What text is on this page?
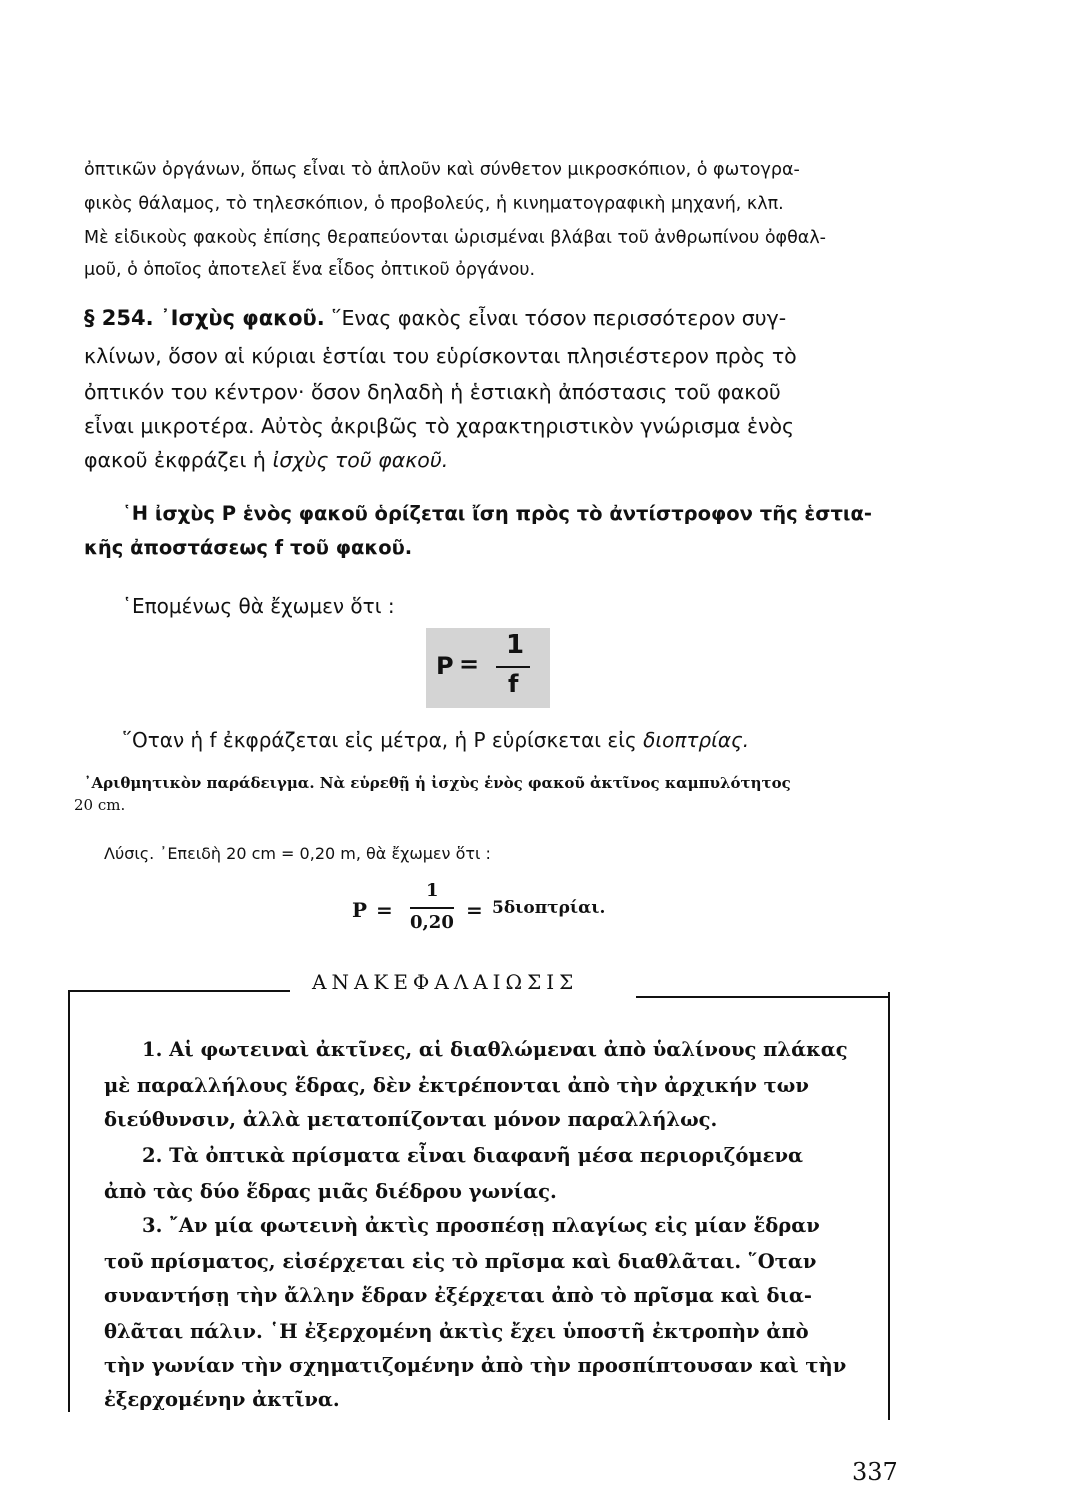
ὀπτικῶν ὀργάνων, ὅπως εἶναι τὸ ἁπλοῦν καὶ σύνθετον μικροσκόπιον, ὁ φωτογρα-
φικὸς θάλαμος, τὸ τηλεσκόπιον, ὁ προβολεύς, ἡ κινηματογραφικὴ μηχανή, κλπ.
Μὲ εἰδικοὺς φακοὺς ἐπίσης θεραπεύονται ὡρισμέναι βλάβαι τοῦ ἀνθρωπίνου ὀφθαλ-
μοῦ, ὁ ὁποῖος ἀποτελεῖ ἕνα εἶδος ὀπτικοῦ ὀργάνου.
§ 254. ᾿Ισχὺς φακοῦ. ῞Ενας φακὸς εἶναι τόσον περισσότερον συγ-
κλίνων, ὅσον αἱ κύριαι ἑστίαι του εὑρίσκονται πλησιέστερον πρὸς τὸ
ὀπτικόν του κέντρον· ὅσον δηλαδὴ ἡ ἑστιακὴ ἀπόστασις τοῦ φακοῦ
εἶναι μικροτέρα. Αὐτὸς ἀκριβῶς τὸ χαρακτηριστικὸν γνώρισμα ἑνὸς
φακοῦ ἐκφράζει ἡ ἰσχὺς τοῦ φακοῦ.
῾Η ἰσχὺς P ἑνὸς φακοῦ ὁρίζεται ἴση πρὸς τὸ ἀντίστροφον τῆς ἑστια-
κῆς ἀποστάσεως f τοῦ φακοῦ.
῾Επομένως θὰ ἔχωμεν ὅτι :
P =
1
f
῞Οταν ἡ f ἐκφράζεται εἰς μέτρα, ἡ P εὑρίσκεται εἰς διοπτρίας.
᾿Αριθμητικὸν παράδειγμα. Νὰ εὑρεθῇ ἡ ἰσχὺς ἑνὸς φακοῦ ἀκτῖνος καμπυλότητος
20 cm.
Λύσις. ᾿Επειδὴ 20 cm = 0,20 m, θὰ ἔχωμεν ὅτι :
P =
1
0,20
= 5διοπτρίαι.
ΑΝΑΚΕΦΑΛΑΙΩΣΙΣ
1. Αἱ φωτειναὶ ἀκτῖνες, αἱ διαθλώμεναι ἀπὸ ὑαλίνους πλάκας
μὲ παραλλήλους ἕδρας, δὲν ἐκτρέπονται ἀπὸ τὴν ἀρχικήν των
διεύθυνσιν, ἀλλὰ μετατοπίζονται μόνον παραλλήλως.
2. Τὰ ὀπτικὰ πρίσματα εἶναι διαφανῆ μέσα περιοριζόμενα
ἀπὸ τὰς δύο ἕδρας μιᾶς διέδρου γωνίας.
3. ῎Αν μία φωτεινὴ ἀκτὶς προσπέσῃ πλαγίως εἰς μίαν ἕδραν
τοῦ πρίσματος, εἰσέρχεται εἰς τὸ πρῖσμα καὶ διαθλᾶται. ῞Οταν
συναντήσῃ τὴν ἄλλην ἕδραν ἐξέρχεται ἀπὸ τὸ πρῖσμα καὶ δια-
θλᾶται πάλιν. ῾Η ἐξερχομένη ἀκτὶς ἔχει ὑποστῆ ἐκτροπὴν ἀπὸ
τὴν γωνίαν τὴν σχηματιζομένην ἀπὸ τὴν προσπίπτουσαν καὶ τὴν
ἐξερχομένην ἀκτῖνα.
337
